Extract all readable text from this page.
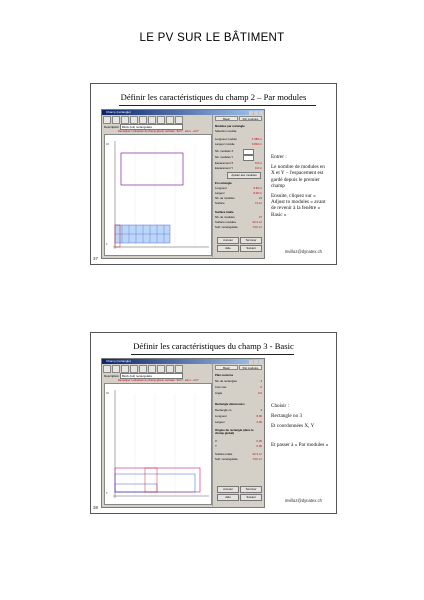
LE PV SUR LE BÂTIMENT
Définir les caractéristiques du champ 2 – Par modules
Champ (rectangle)
Description	Block (toit) rectangulaire
Remarque: Inclinaison du champ glisser verticale : 90.0° ; azim.: +0.0°
18
0
Basic	Par modules
Modules par rectangle
Sélection module
Longueur module	1.580 m
Largeur module	0.810 m
Nb. modules X
Nb. modules Y
Espacement X	0.0 m
Espacement Y	0.0 m
Ajuster aux modules
En rectangle
Longueur	9.60 m
Largeur	8.00 m
Nb. de modules	24
Surface	74 m²
Surface totale
Nb. de modules	27
Surface modules	42.3 m²
Surf. rectangulaire	74.0 m²
Annuler	Terminer
Aide	Suivant

Entrer :

Le nombre de modules en X et Y – l'espacement est gardé depuis le premier champ

Ensuite, cliquez sur « Adjust to modules » avant de revenir à la fenêtre « Basic »

37
mvillaz@dynatex.ch
Définir les caractéristiques du champ 3 - Basic
Champ (rectangle)
Description	Block (toit) rectangulaire
Remarque: Inclinaison du champ glisser verticale : 90.0° ; azim.: +0.0°
18
0
Basic	Par modules
Plan customs
Nb. de rectangles	3
Coin réel	0
Angle	0.0
Rectangle dimensions
Rectangle no	3
Longueur	8.00
Largeur	2.00
Origine du rectangle (dans le champ global)
X	0.00
Y	0.00
Surface totale	42.3 m²
Surf. rectangulaire	74.0 m²
Annuler	Terminer
Aide	Suivant

Choisir :

Rectangle no 3

Et coordonnées X, Y

Et passer à « Par modules »

38
mvillaz@dynatex.ch
